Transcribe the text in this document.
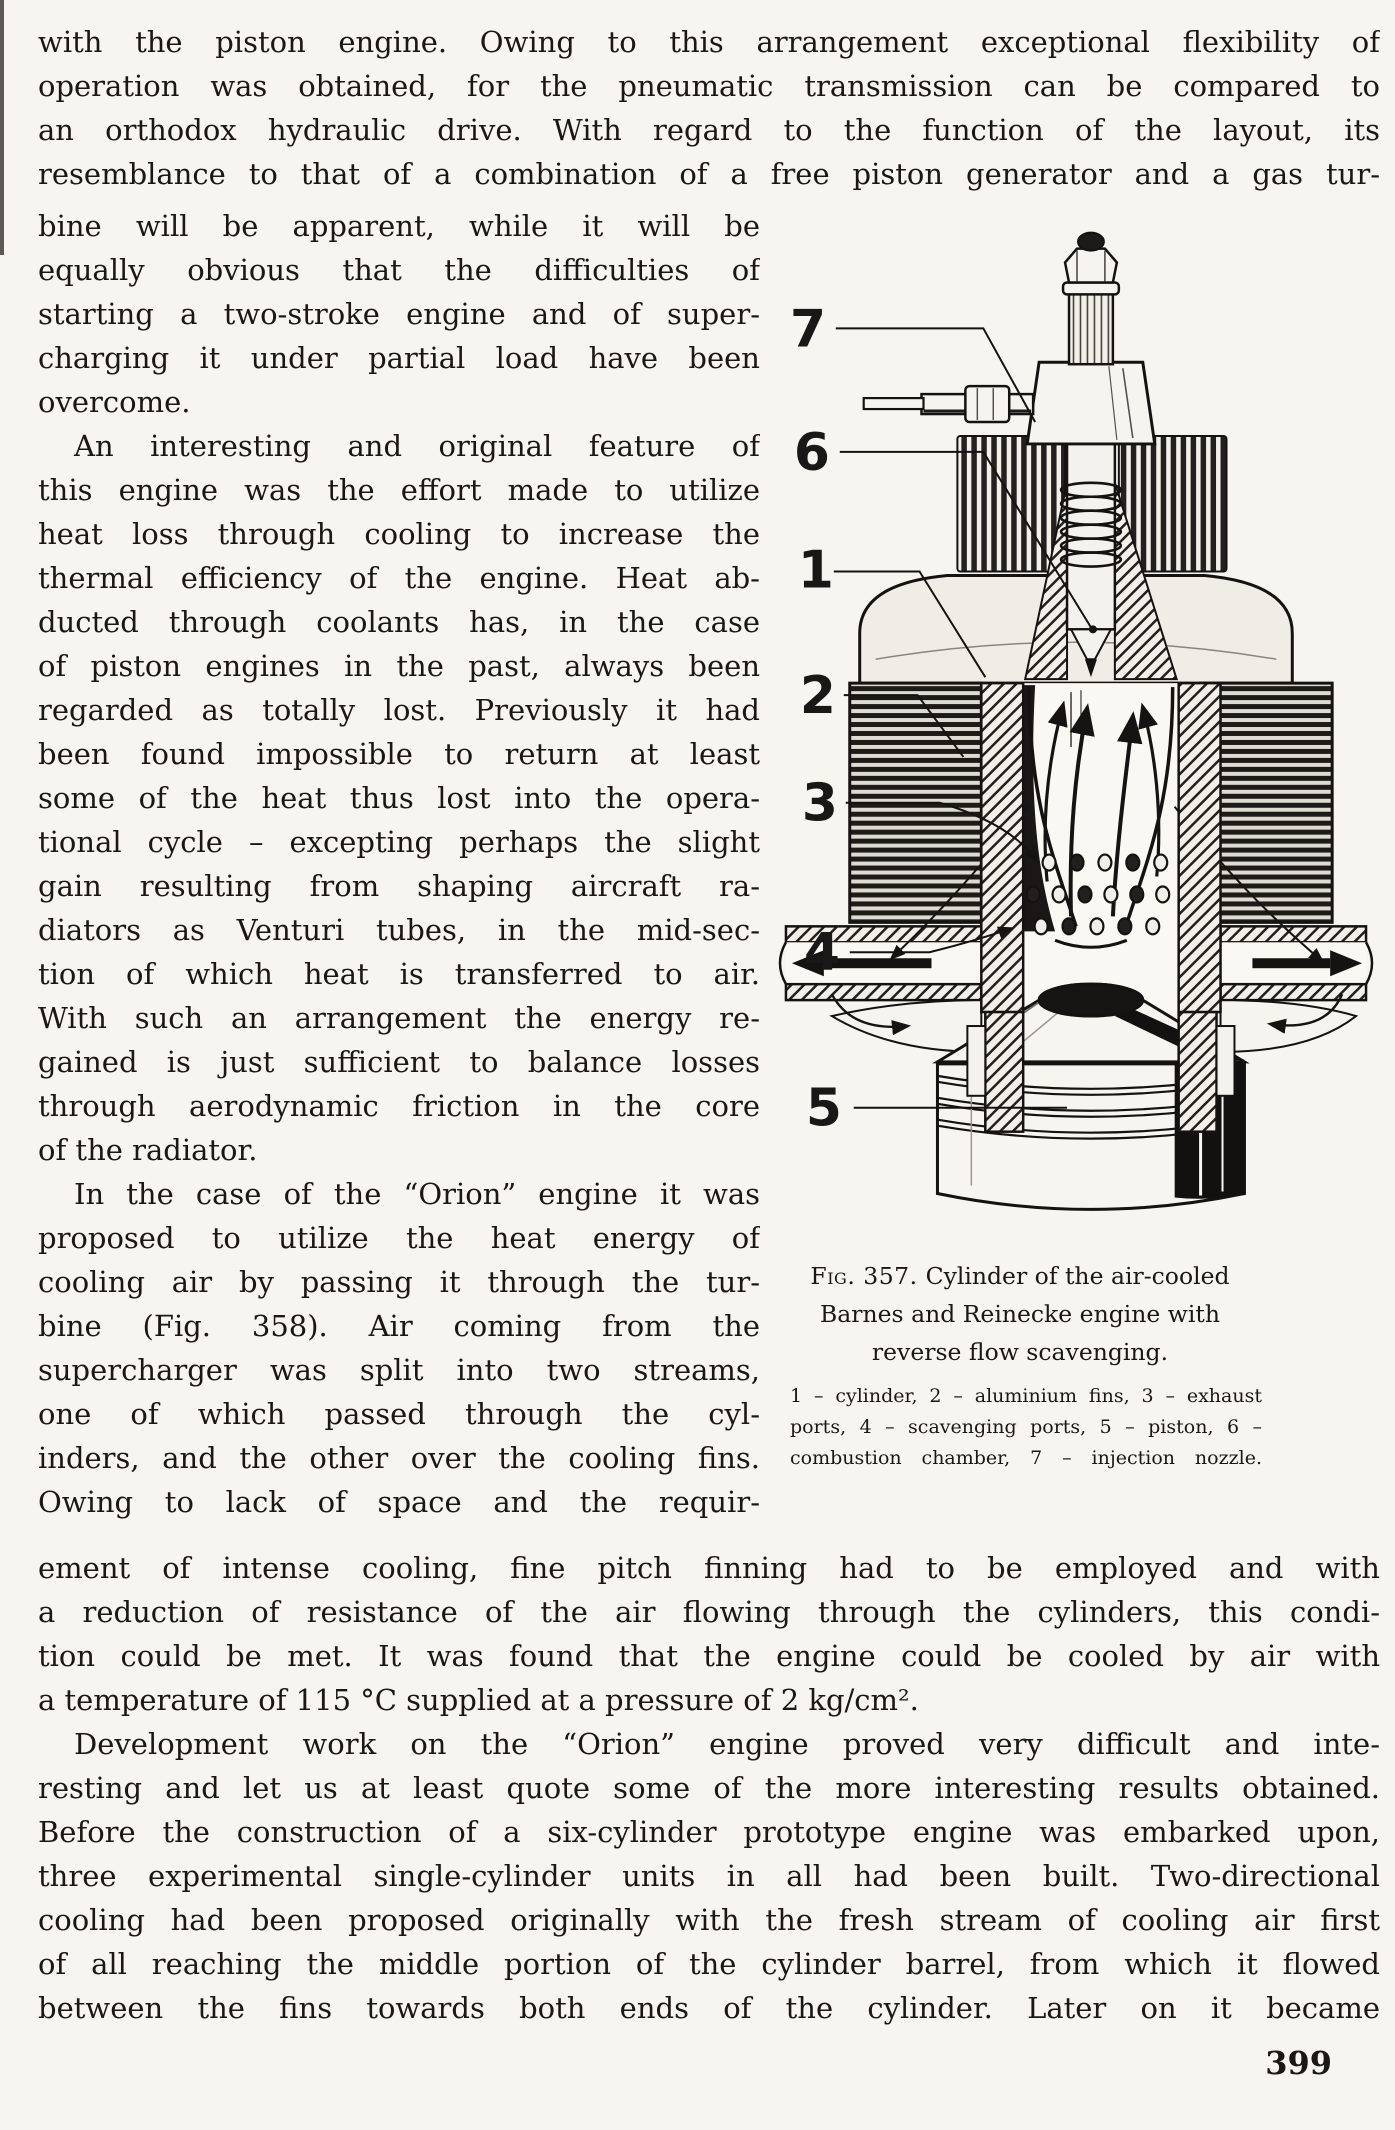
with the piston engine. Owing to this arrangement exceptional flexibility of
operation was obtained, for the pneumatic transmission can be compared to
an orthodox hydraulic drive. With regard to the function of the layout, its
resemblance to that of a combination of a free piston generator and a gas tur-
bine will be apparent, while it will be
equally obvious that the difficulties of
starting a two-stroke engine and of super-
charging it under partial load have been
overcome.
An interesting and original feature of
this engine was the effort made to utilize
heat loss through cooling to increase the
thermal efficiency of the engine. Heat ab-
ducted through coolants has, in the case
of piston engines in the past, always been
regarded as totally lost. Previously it had
been found impossible to return at least
some of the heat thus lost into the opera-
tional cycle – excepting perhaps the slight
gain resulting from shaping aircraft ra-
diators as Venturi tubes, in the mid-sec-
tion of which heat is transferred to air.
With such an arrangement the energy re-
gained is just sufficient to balance losses
through aerodynamic friction in the core
of the radiator.
In the case of the “Orion” engine it was
proposed to utilize the heat energy of
cooling air by passing it through the tur-
bine (Fig. 358). Air coming from the
supercharger was split into two streams,
one of which passed through the cyl-
inders, and the other over the cooling fins.
Owing to lack of space and the requir-
7
6
1
2
3
4
5
Fig. 357. Cylinder of the air-cooled
Barnes and Reinecke engine with
reverse flow scavenging.
1 – cylinder, 2 – aluminium fins, 3 – exhaust
ports, 4 – scavenging ports, 5 – piston, 6 –
combustion chamber, 7 – injection nozzle.
ement of intense cooling, fine pitch finning had to be employed and with
a reduction of resistance of the air flowing through the cylinders, this condi-
tion could be met. It was found that the engine could be cooled by air with
a temperature of 115 °C supplied at a pressure of 2 kg/cm².
Development work on the “Orion” engine proved very difficult and inte-
resting and let us at least quote some of the more interesting results obtained.
Before the construction of a six-cylinder prototype engine was embarked upon,
three experimental single-cylinder units in all had been built. Two-directional
cooling had been proposed originally with the fresh stream of cooling air first
of all reaching the middle portion of the cylinder barrel, from which it flowed
between the fins towards both ends of the cylinder. Later on it became
399
